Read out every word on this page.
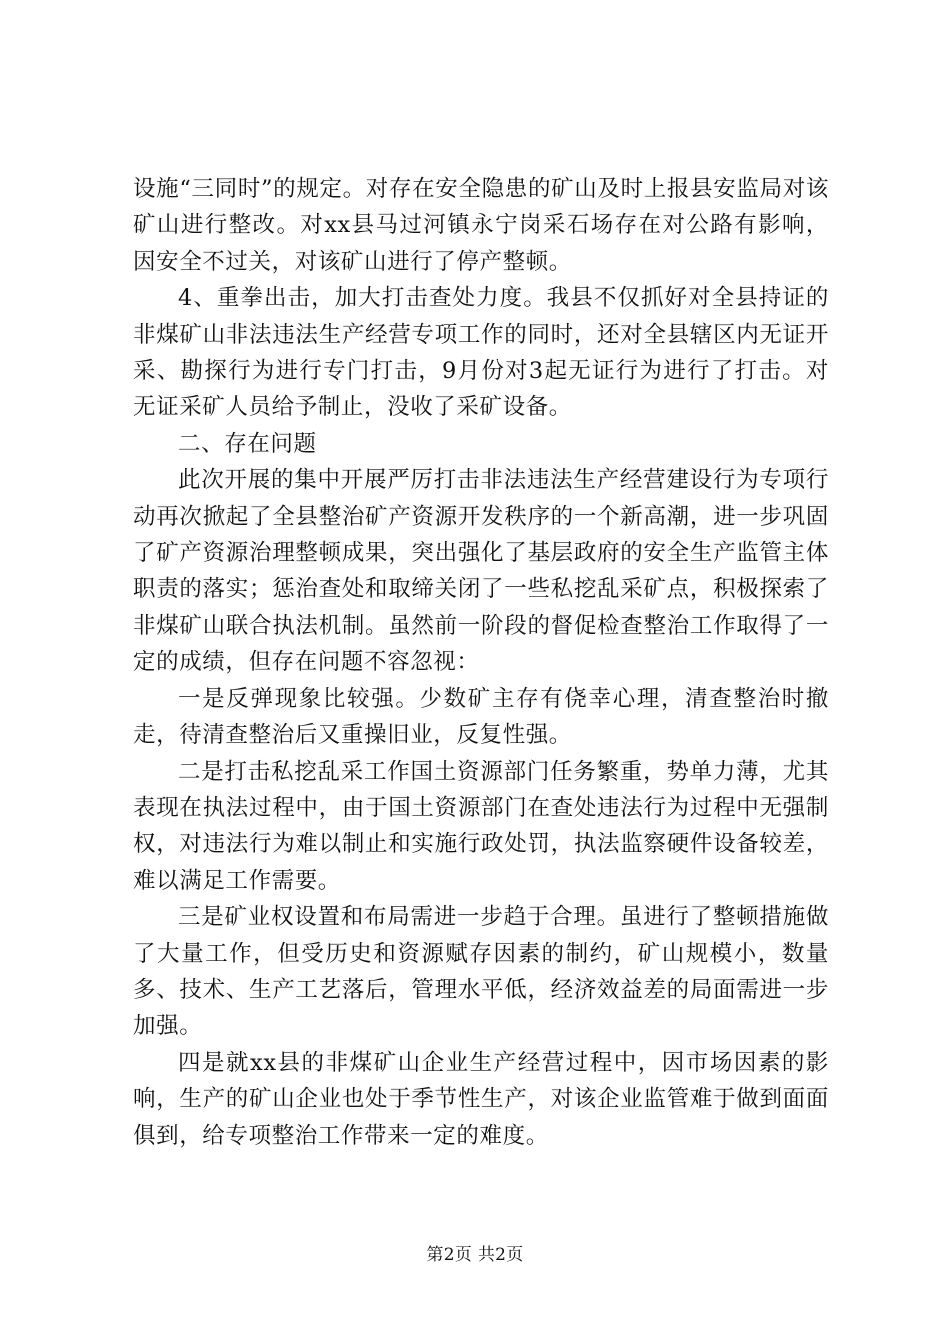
设施“三同时”的规定。对存在安全隐患的矿山及时上报县安监局对该矿山进行整改。对xx县马过河镇永宁岗采石场存在对公路有影响，因安全不过关，对该矿山进行了停产整顿。

4、重拳出击，加大打击查处力度。我县不仅抓好对全县持证的非煤矿山非法违法生产经营专项工作的同时，还对全县辖区内无证开采、勘探行为进行专门打击，9月份对3起无证行为进行了打击。对无证采矿人员给予制止，没收了采矿设备。

二、存在问题

此次开展的集中开展严厉打击非法违法生产经营建设行为专项行动再次掀起了全县整治矿产资源开发秩序的一个新高潮，进一步巩固了矿产资源治理整顿成果，突出强化了基层政府的安全生产监管主体职责的落实；惩治查处和取缔关闭了一些私挖乱采矿点，积极探索了非煤矿山联合执法机制。虽然前一阶段的督促检查整治工作取得了一定的成绩，但存在问题不容忽视：

一是反弹现象比较强。少数矿主存有侥幸心理，清查整治时撤走，待清查整治后又重操旧业，反复性强。

二是打击私挖乱采工作国土资源部门任务繁重，势单力薄，尤其表现在执法过程中，由于国土资源部门在查处违法行为过程中无强制权，对违法行为难以制止和实施行政处罚，执法监察硬件设备较差，难以满足工作需要。

三是矿业权设置和布局需进一步趋于合理。虽进行了整顿措施做了大量工作，但受历史和资源赋存因素的制约，矿山规模小，数量多、技术、生产工艺落后，管理水平低，经济效益差的局面需进一步加强。

四是就xx县的非煤矿山企业生产经营过程中，因市场因素的影响，生产的矿山企业也处于季节性生产，对该企业监管难于做到面面俱到，给专项整治工作带来一定的难度。

第2页 共2页
